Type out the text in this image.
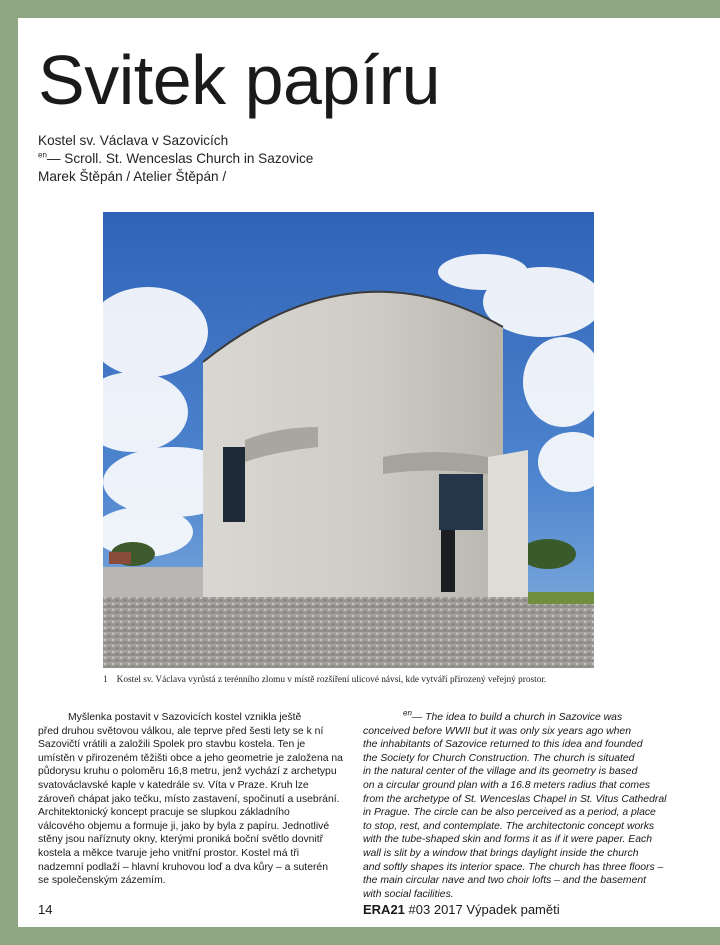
Svitek papíru
Kostel sv. Václava v Sazovicích
$^{en}$— Scroll. St. Wenceslas Church in Sazovice
Marek Štěpán / Atelier Štěpán /
1 Kostel sv. Václava vyrůstá z terénního zlomu v místě rozšíření ulicové návsi, kde vytváří přirozený veřejný prostor.
Myšlenka postavit v Sazovicích kostel vznikla ještě
před druhou světovou válkou, ale teprve před šesti lety se k ní
Sazovičtí vrátili a založili Spolek pro stavbu kostela. Ten je
umístěn v přirozeném těžišti obce a jeho geometrie je založena na
půdorysu kruhu o poloměru 16,8 metru, jenž vychází z archetypu
svatováclavské kaple v katedrále sv. Víta v Praze. Kruh lze
zároveň chápat jako tečku, místo zastavení, spočinutí a usebrání.
Architektonický koncept pracuje se slupkou základního
válcového objemu a formuje ji, jako by byla z papíru. Jednotlivé
stěny jsou naříznuty okny, kterými proniká boční světlo dovnitř
kostela a měkce tvaruje jeho vnitřní prostor. Kostel má tři
nadzemní podlaží – hlavní kruhovou loď a dva kůry – a suterén
se společenským zázemím.
$^{en}$— The idea to build a church in Sazovice was
conceived before WWII but it was only six years ago when
the inhabitants of Sazovice returned to this idea and founded
the Society for Church Construction. The church is situated
in the natural center of the village and its geometry is based
on a circular ground plan with a 16.8 meters radius that comes
from the archetype of St. Wenceslas Chapel in St. Vitus Cathedral
in Prague. The circle can be also perceived as a period, a place
to stop, rest, and contemplate. The architectonic concept works
with the tube-shaped skin and forms it as if it were paper. Each
wall is slit by a window that brings daylight inside the church
and softly shapes its interior space. The church has three floors –
the main circular nave and two choir lofts – and the basement
with social facilities.
14	ERA21 #03 2017 Výpadek paměti
